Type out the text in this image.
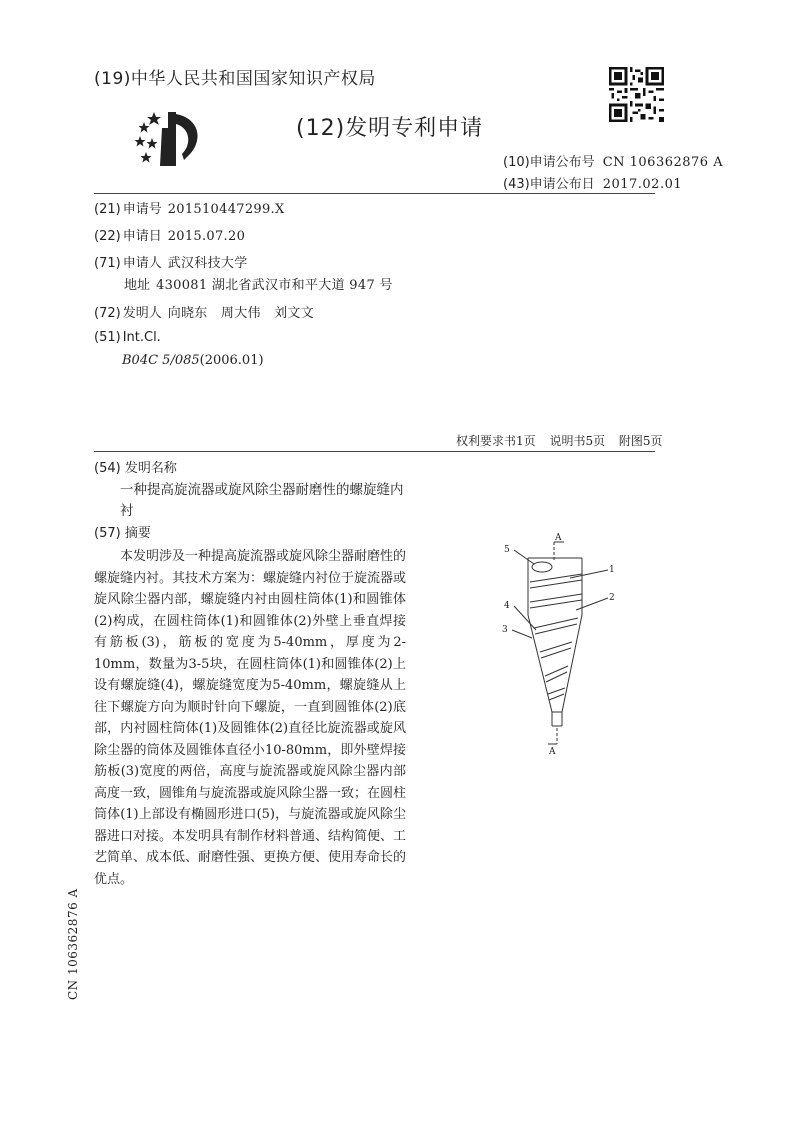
(19)中华人民共和国国家知识产权局
(12)发明专利申请
(10)申请公布号 CN 106362876 A
(43)申请公布日 2017.02.01
(21) 申请号 201510447299.X
(22) 申请日 2015.07.20
(71) 申请人 武汉科技大学
地址 430081 湖北省武汉市和平大道 947 号
(72) 发明人 向晓东　周大伟　刘文文
(51) Int.Cl.
B04C 5/085(2006.01)
权利要求书1页 说明书5页 附图5页
(54) 发明名称
一种提高旋流器或旋风除尘器耐磨性的螺旋缝内衬
(57) 摘要
本发明涉及一种提高旋流器或旋风除尘器耐磨性的螺旋缝内衬。其技术方案为：螺旋缝内衬位于旋流器或旋风除尘器内部，螺旋缝内衬由圆柱筒体(1)和圆锥体(2)构成，在圆柱筒体(1)和圆锥体(2)外壁上垂直焊接有筋板(3)，筋板的宽度为5-40mm，厚度为2-10mm，数量为3-5块，在圆柱筒体(1)和圆锥体(2)上设有螺旋缝(4)，螺旋缝宽度为5-40mm，螺旋缝从上往下螺旋方向为顺时针向下螺旋，一直到圆锥体(2)底部，内衬圆柱筒体(1)及圆锥体(2)直径比旋流器或旋风除尘器的筒体及圆锥体直径小10-80mm，即外壁焊接筋板(3)宽度的两倍，高度与旋流器或旋风除尘器内部高度一致，圆锥角与旋流器或旋风除尘器一致；在圆柱筒体(1)上部设有椭圆形进口(5)，与旋流器或旋风除尘器进口对接。本发明具有制作材料普通、结构简便、工艺简单、成本低、耐磨性强、更换方便、使用寿命长的优点。
A
5
1
4
2
3
A
CN 106362876 A
